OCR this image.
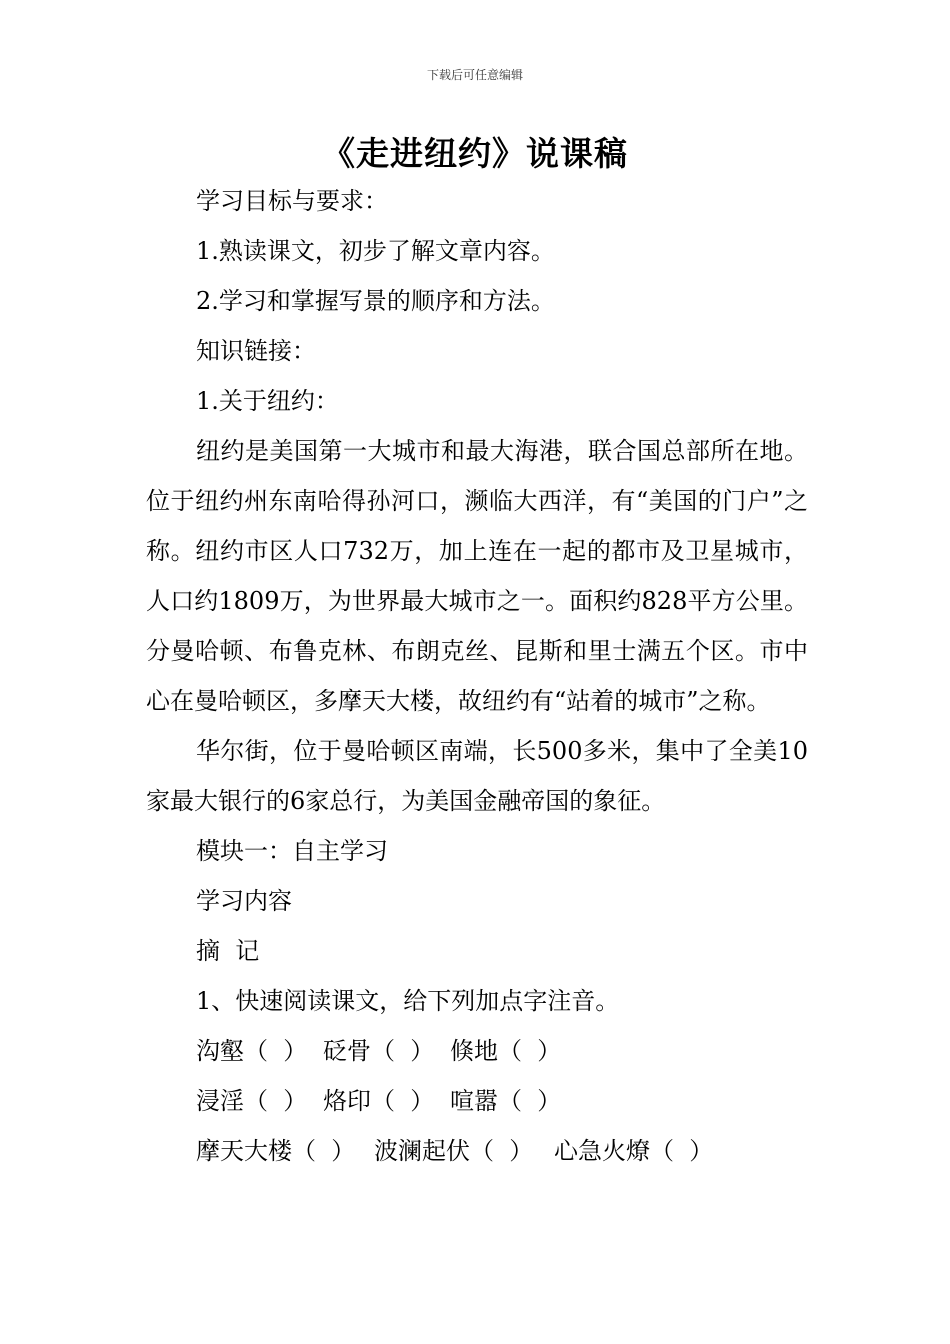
下载后可任意编辑
《走进纽约》说课稿

学习目标与要求：

1.熟读课文，初步了解文章内容。

2.学习和掌握写景的顺序和方法。

知识链接：

1.关于纽约：

纽约是美国第一大城市和最大海港，联合国总部所在地。位于纽约州东南哈得孙河口，濒临大西洋，有“美国的门户”之称。纽约市区人口732万，加上连在一起的都市及卫星城市，人口约1809万，为世界最大城市之一。面积约828平方公里。分曼哈顿、布鲁克林、布朗克丝、昆斯和里士满五个区。市中心在曼哈顿区，多摩天大楼，故纽约有“站着的城市”之称。

华尔街，位于曼哈顿区南端，长500多米，集中了全美10家最大银行的6家总行，为美国金融帝国的象征。

模块一：自主学习

学习内容

摘  记

1、快速阅读课文，给下列加点字注音。

沟壑（  ） 砭骨（  ） 倏地（  ）
浸淫（  ） 烙印（  ） 喧嚣（  ）
摩天大楼（  ） 波澜起伏（  ） 心急火燎（  ）
